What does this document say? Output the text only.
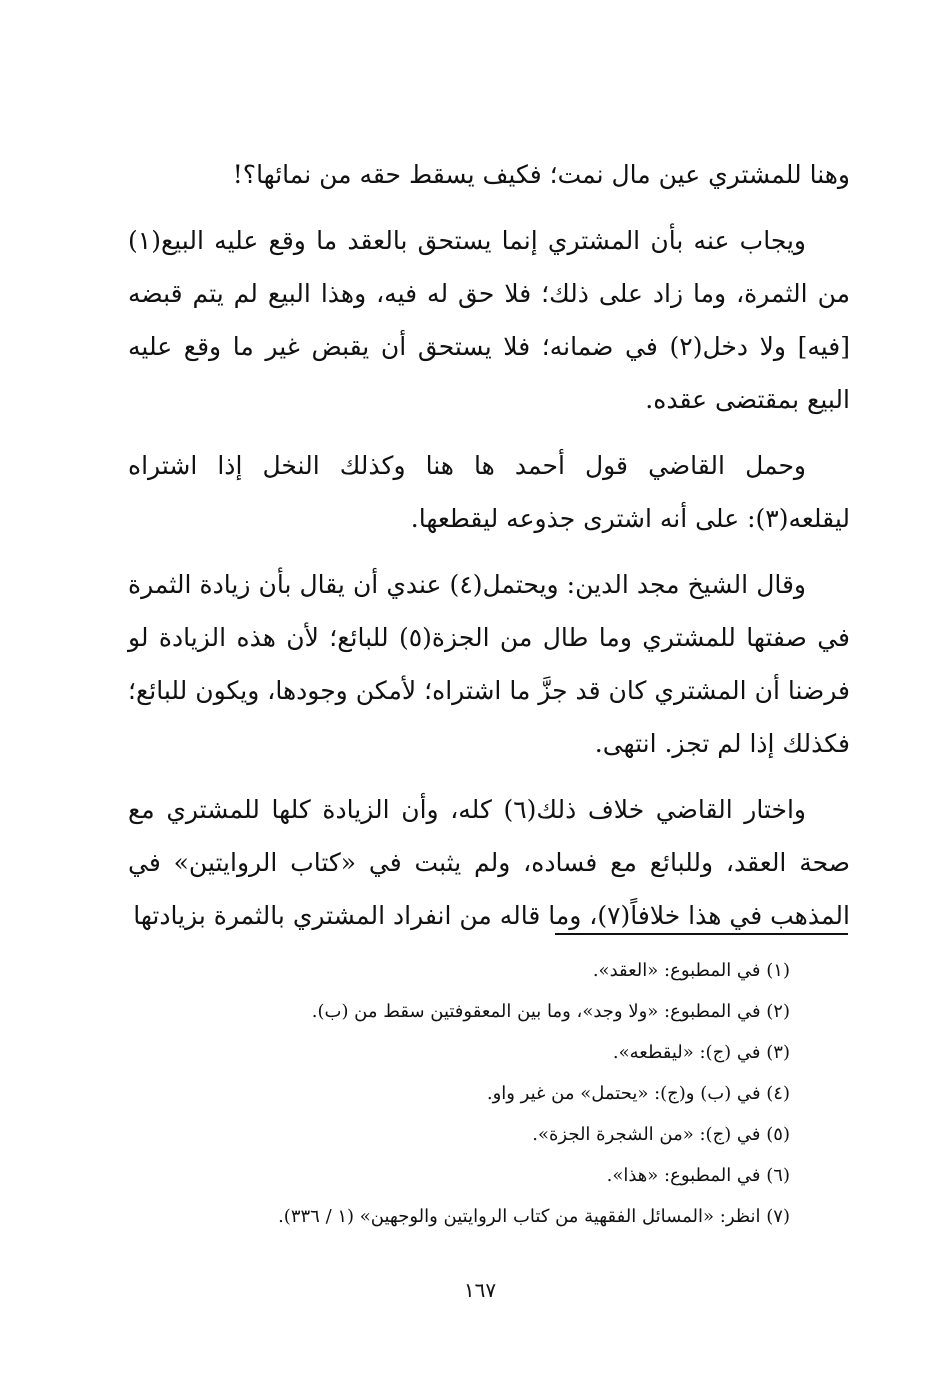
وهنا للمشتري عين مال نمت؛ فكيف يسقط حقه من نمائها؟!

ويجاب عنه بأن المشتري إنما يستحق بالعقد ما وقع عليه البيع(١) من الثمرة، وما زاد على ذلك؛ فلا حق له فيه، وهذا البيع لم يتم قبضه [فيه] ولا دخل(٢) في ضمانه؛ فلا يستحق أن يقبض غير ما وقع عليه البيع بمقتضى عقده.

وحمل القاضي قول أحمد ها هنا وكذلك النخل إذا اشتراه ليقلعه(٣): على أنه اشترى جذوعه ليقطعها.

وقال الشيخ مجد الدين: ويحتمل(٤) عندي أن يقال بأن زيادة الثمرة في صفتها للمشتري وما طال من الجزة(٥) للبائع؛ لأن هذه الزيادة لو فرضنا أن المشتري كان قد جزَّ ما اشتراه؛ لأمكن وجودها، ويكون للبائع؛ فكذلك إذا لم تجز. انتهى.

واختار القاضي خلاف ذلك(٦) كله، وأن الزيادة كلها للمشتري مع صحة العقد، وللبائع مع فساده، ولم يثبت في «كتاب الروايتين» في المذهب في هذا خلافاً(٧)، وما قاله من انفراد المشتري بالثمرة بزيادتها

(١) في المطبوع: «العقد».
(٢) في المطبوع: «ولا وجد»، وما بين المعقوفتين سقط من (ب).
(٣) في (ج): «ليقطعه».
(٤) في (ب) و(ج): «يحتمل» من غير واو.
(٥) في (ج): «من الشجرة الجزة».
(٦) في المطبوع: «هذا».
(٧) انظر: «المسائل الفقهية من كتاب الروايتين والوجهين» (١ / ٣٣٦).
١٦٧
